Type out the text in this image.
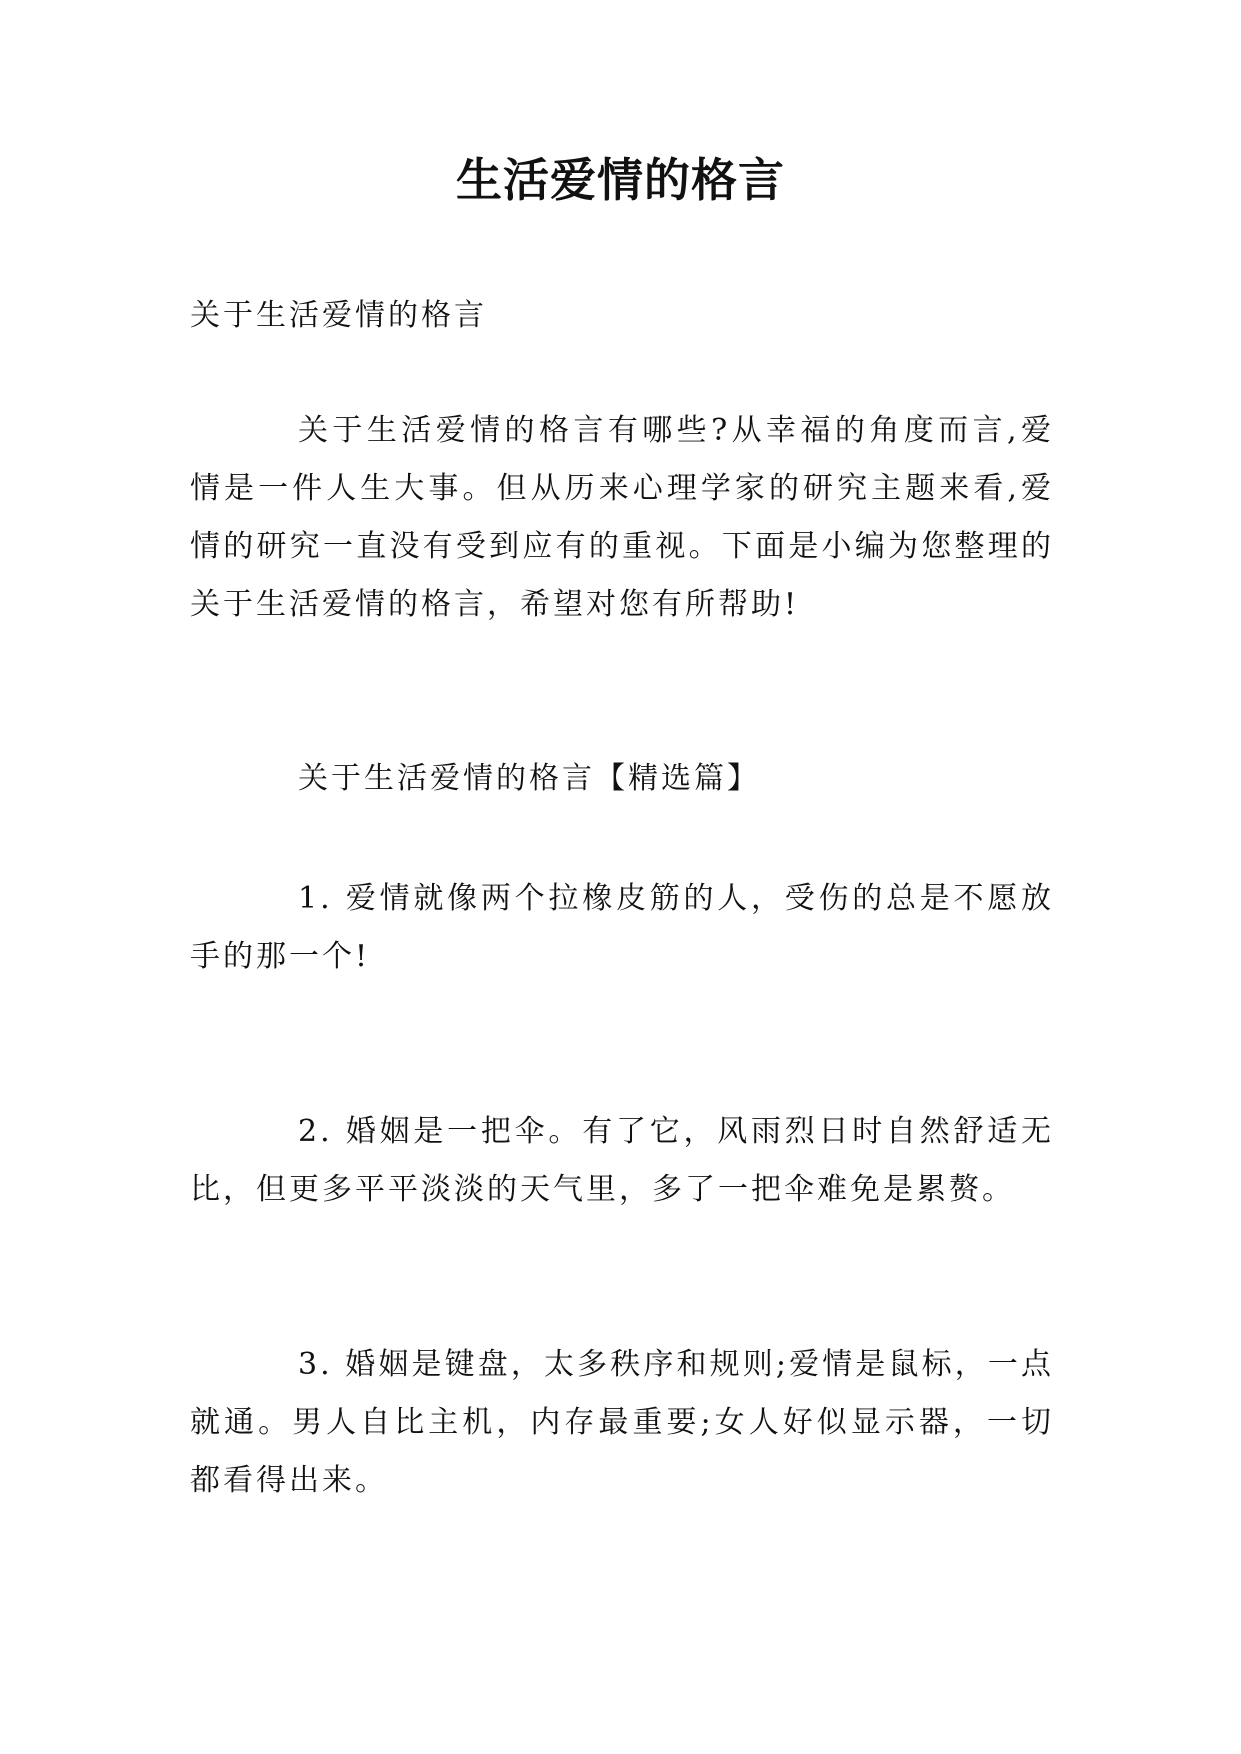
生活爱情的格言

关于生活爱情的格言

关于生活爱情的格言有哪些?从幸福的角度而言,爱情是一件人生大事。但从历来心理学家的研究主题来看,爱情的研究一直没有受到应有的重视。下面是小编为您整理的关于生活爱情的格言，希望对您有所帮助!

关于生活爱情的格言【精选篇】

1. 爱情就像两个拉橡皮筋的人，受伤的总是不愿放手的那一个!

2. 婚姻是一把伞。有了它，风雨烈日时自然舒适无比，但更多平平淡淡的天气里，多了一把伞难免是累赘。

3. 婚姻是键盘，太多秩序和规则;爱情是鼠标，一点就通。男人自比主机，内存最重要;女人好似显示器，一切都看得出来。
